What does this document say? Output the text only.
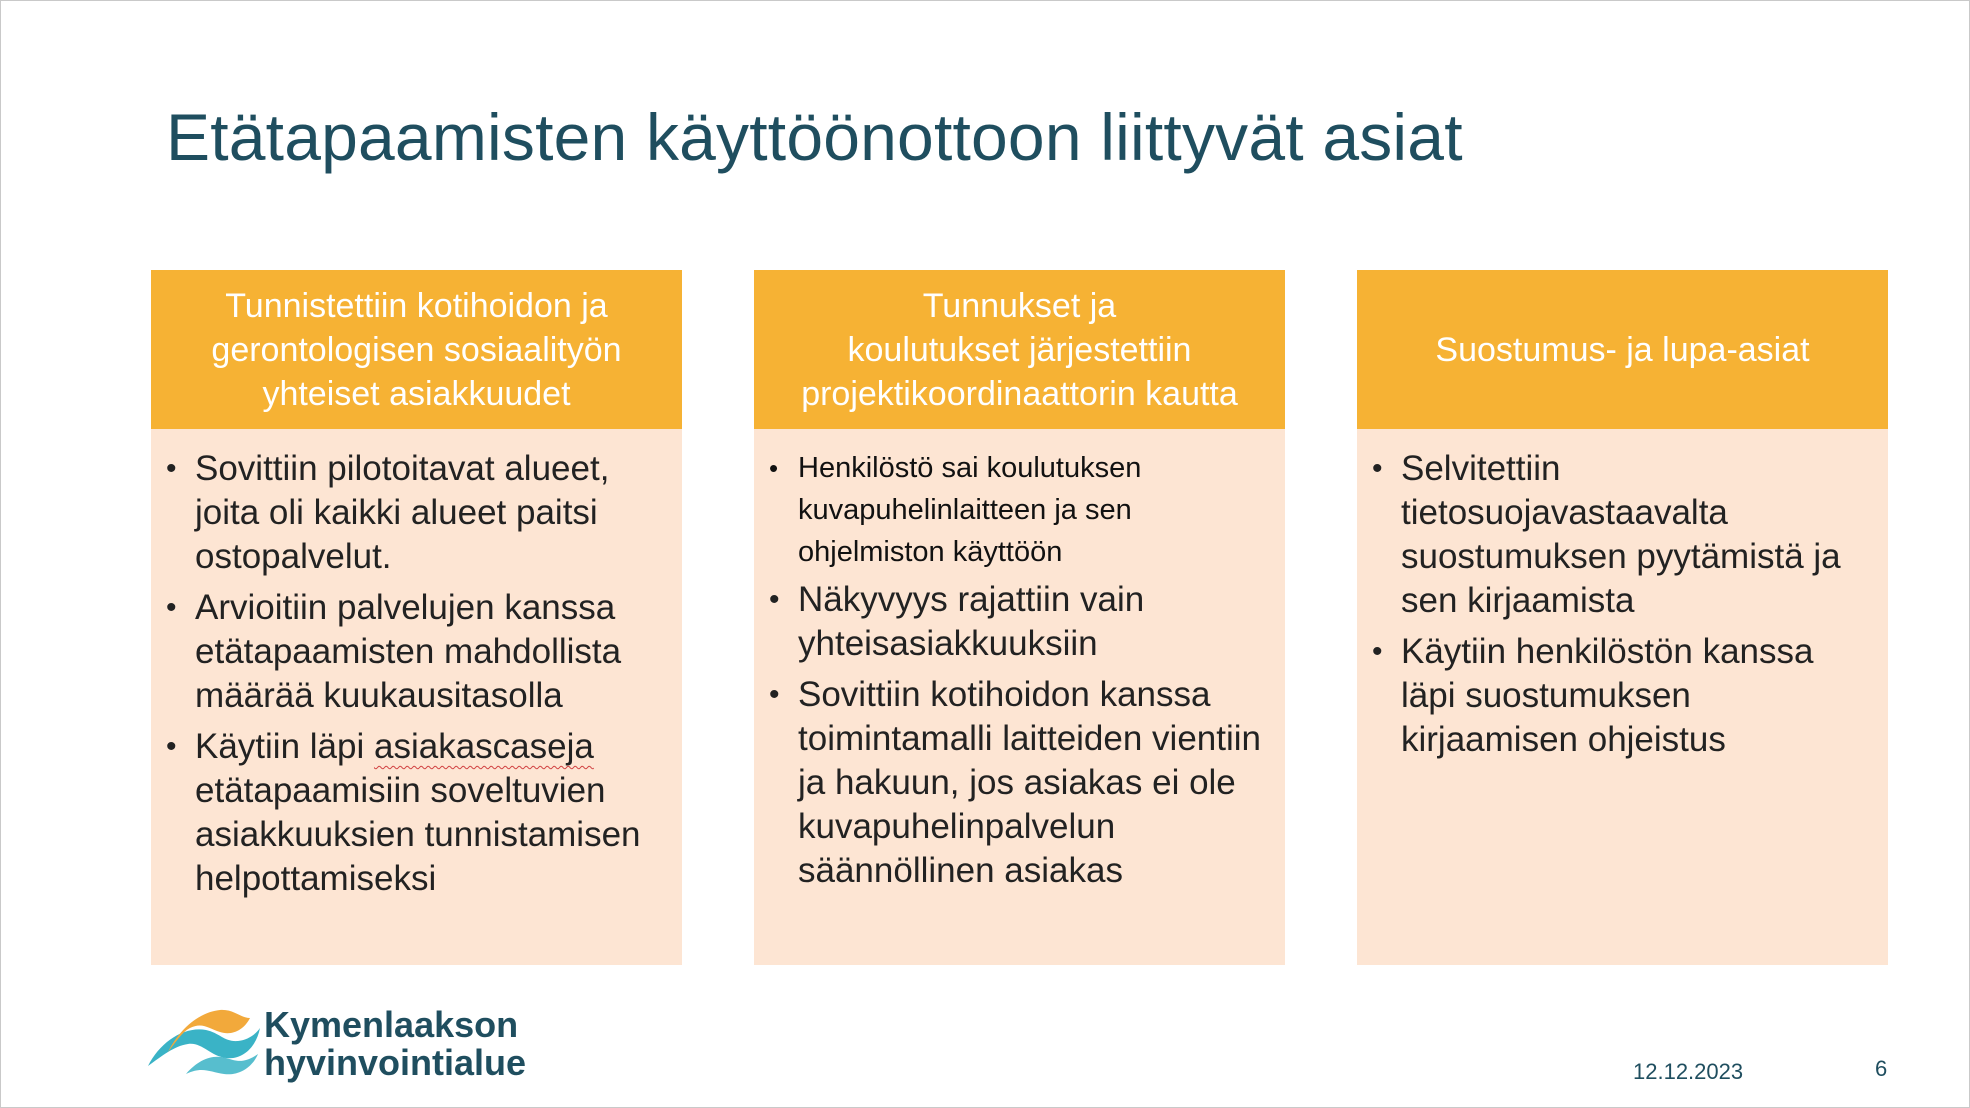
Etätapaamisten käyttöönottoon liittyvät asiat
Tunnistettiin kotihoidon ja
gerontologisen sosiaalityön
yhteiset asiakkuudet
• Sovittiin pilotoitavat alueet, joita oli kaikki alueet paitsi ostopalvelut.
• Arvioitiin palvelujen kanssa etätapaamisten mahdollista määrää kuukausitasolla
• Käytiin läpi asiakascaseja etätapaamisiin soveltuvien asiakkuuksien tunnistamisen helpottamiseksi
Tunnukset ja
koulutukset järjestettiin
projektikoordinaattorin kautta
• Henkilöstö sai koulutuksen kuvapuhelinlaitteen ja sen ohjelmiston käyttöön
• Näkyvyys rajattiin vain yhteisasiakkuuksiin
• Sovittiin kotihoidon kanssa toimintamalli laitteiden vientiin ja hakuun, jos asiakas ei ole kuvapuhelinpalvelun säännöllinen asiakas
Suostumus- ja lupa-asiat
• Selvitettiin tietosuojavastaavalta suostumuksen pyytämistä ja sen kirjaamista
• Käytiin henkilöstön kanssa läpi suostumuksen kirjaamisen ohjeistus
Kymenlaakson
hyvinvointialue	12.12.2023	6
